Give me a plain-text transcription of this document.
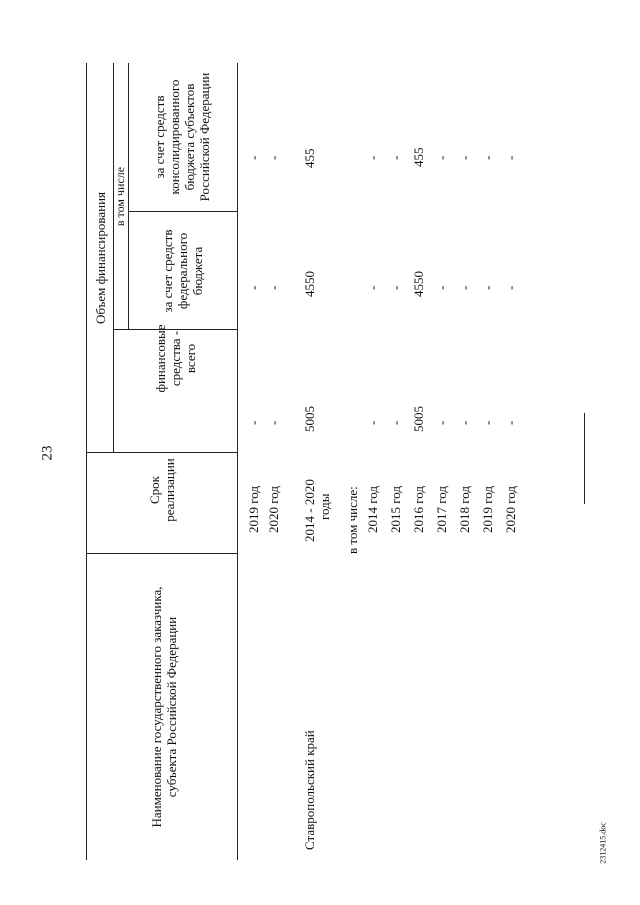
23
2312415.doc
Наименование государственного заказчика, субъекта Российской Федерации
Срок реализации
Объем финансирования
финансовые средства - всего
в том числе
за счет средств федерального бюджета
за счет средств консолидированного бюджета субъектов Российской Федерации
2019 год
-
-
-
2020 год
-
-
-
Ставропольский край
2014 - 2020 годы
5005
4550
455
в том числе: 2014 год
-
-
-
2015 год
-
-
-
2016 год
5005
4550
455
2017 год
-
-
-
2018 год
-
-
-
2019 год
-
-
-
2020 год
-
-
-
